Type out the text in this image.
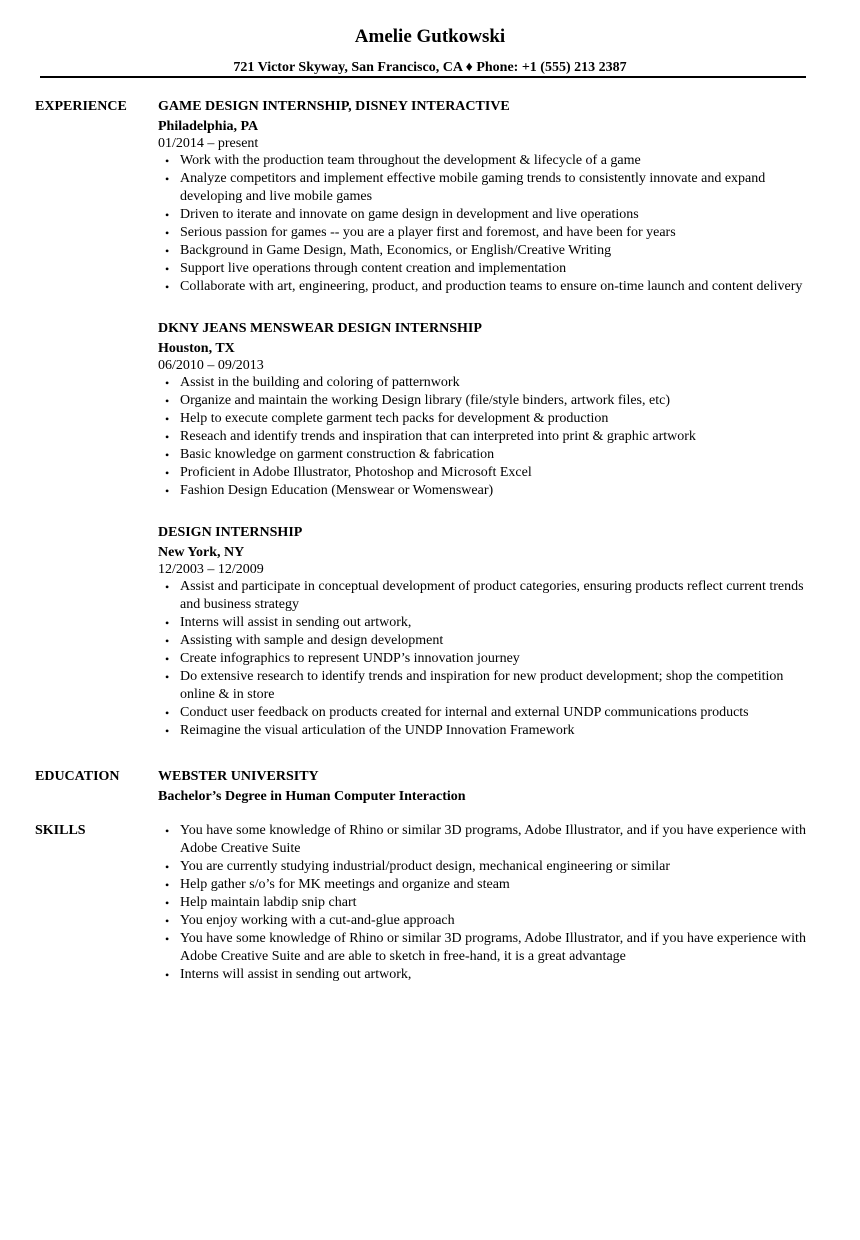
Amelie Gutkowski
721 Victor Skyway, San Francisco, CA ♦ Phone: +1 (555) 213 2387
EXPERIENCE	GAME DESIGN INTERNSHIP, DISNEY INTERACTIVE
Philadelphia, PA
01/2014 – present
• Work with the production team throughout the development & lifecycle of a game
• Analyze competitors and implement effective mobile gaming trends to consistently innovate and expand developing and live mobile games
• Driven to iterate and innovate on game design in development and live operations
• Serious passion for games -- you are a player first and foremost, and have been for years
• Background in Game Design, Math, Economics, or English/Creative Writing
• Support live operations through content creation and implementation
• Collaborate with art, engineering, product, and production teams to ensure on-time launch and content delivery
DKNY JEANS MENSWEAR DESIGN INTERNSHIP
Houston, TX
06/2010 – 09/2013
• Assist in the building and coloring of patternwork
• Organize and maintain the working Design library (file/style binders, artwork files, etc)
• Help to execute complete garment tech packs for development & production
• Reseach and identify trends and inspiration that can interpreted into print & graphic artwork
• Basic knowledge on garment construction & fabrication
• Proficient in Adobe Illustrator, Photoshop and Microsoft Excel
• Fashion Design Education (Menswear or Womenswear)
DESIGN INTERNSHIP
New York, NY
12/2003 – 12/2009
• Assist and participate in conceptual development of product categories, ensuring products reflect current trends and business strategy
• Interns will assist in sending out artwork,
• Assisting with sample and design development
• Create infographics to represent UNDP’s innovation journey
• Do extensive research to identify trends and inspiration for new product development; shop the competition online & in store
• Conduct user feedback on products created for internal and external UNDP communications products
• Reimagine the visual articulation of the UNDP Innovation Framework
EDUCATION	WEBSTER UNIVERSITY
Bachelor’s Degree in Human Computer Interaction
SKILLS	• You have some knowledge of Rhino or similar 3D programs, Adobe Illustrator, and if you have experience with Adobe Creative Suite
• You are currently studying industrial/product design, mechanical engineering or similar
• Help gather s/o’s for MK meetings and organize and steam
• Help maintain labdip snip chart
• You enjoy working with a cut-and-glue approach
• You have some knowledge of Rhino or similar 3D programs, Adobe Illustrator, and if you have experience with Adobe Creative Suite and are able to sketch in free-hand, it is a great advantage
• Interns will assist in sending out artwork,
